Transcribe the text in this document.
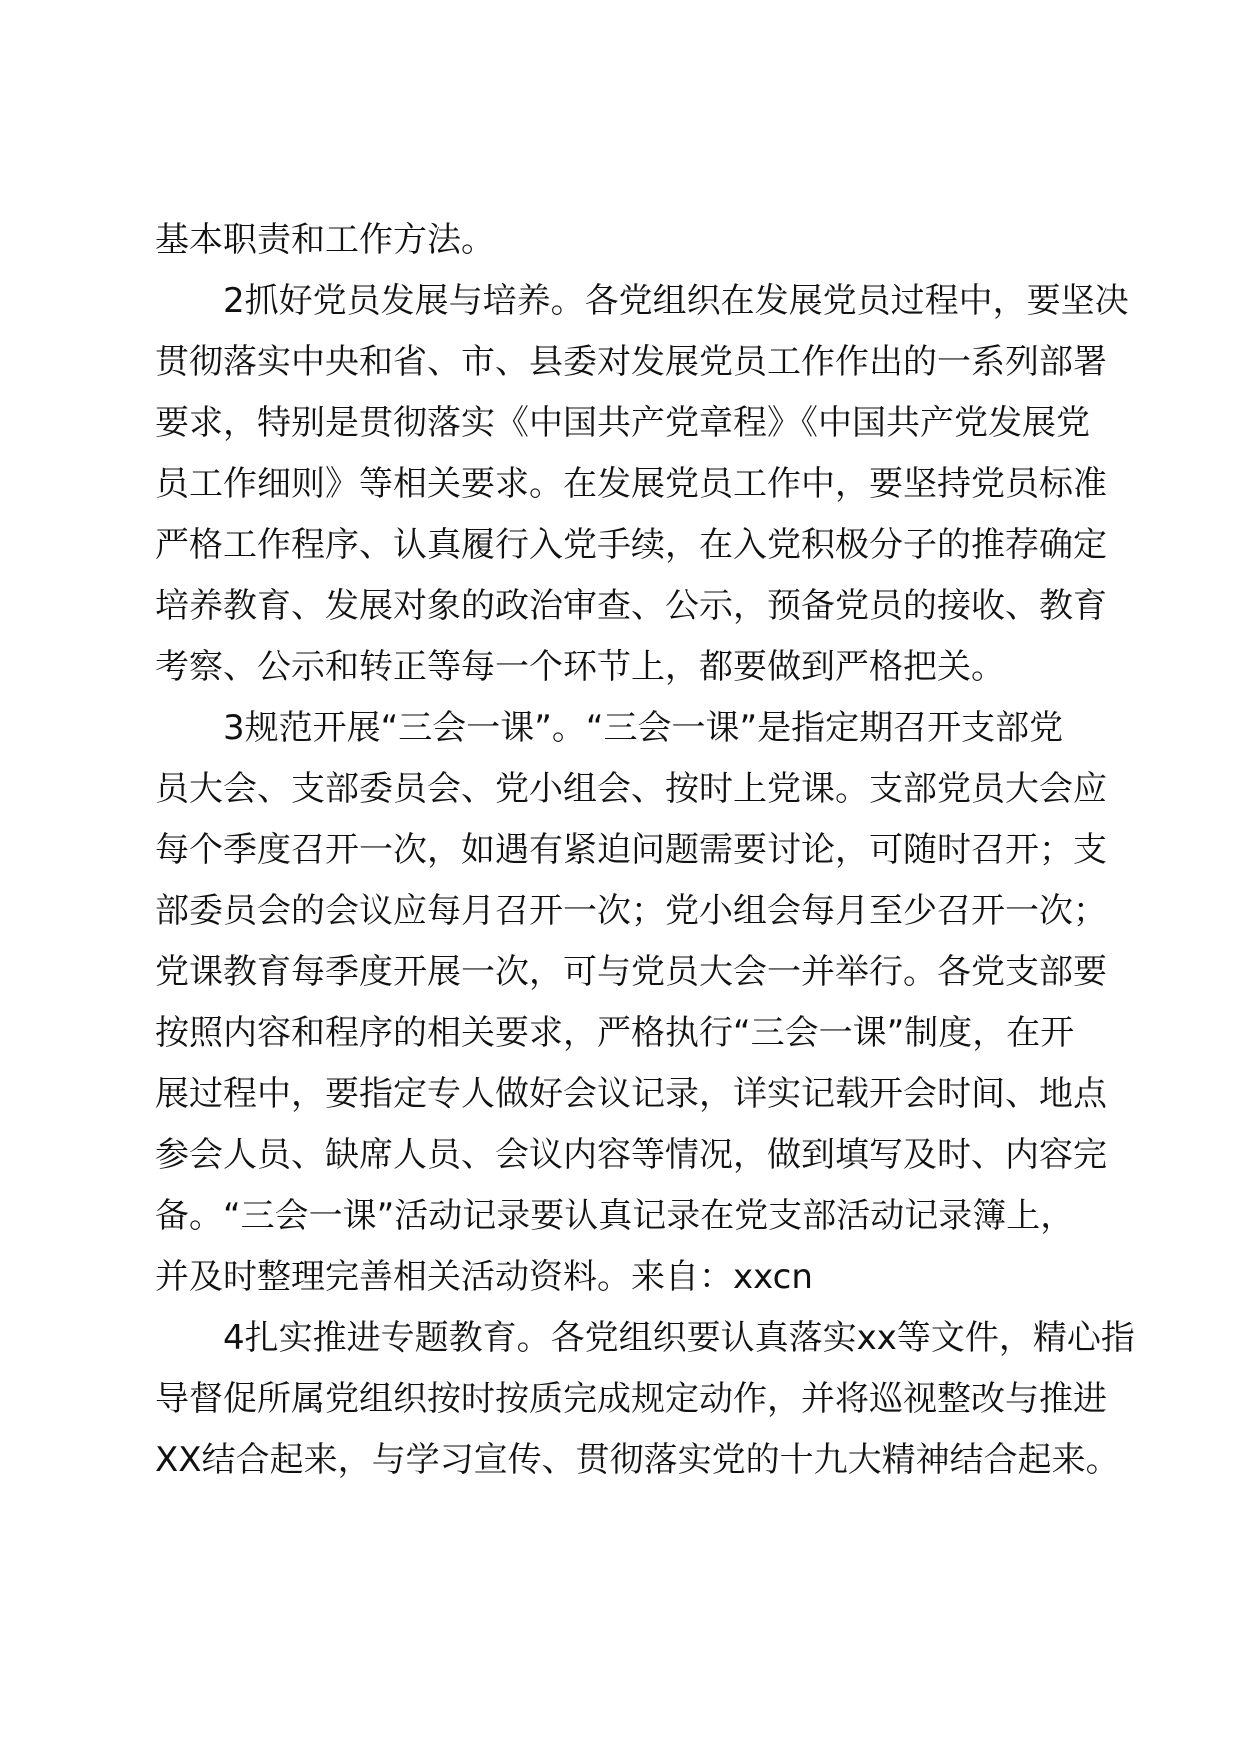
基本职责和工作方法。
2抓好党员发展与培养。各党组织在发展党员过程中，要坚决
贯彻落实中央和省、市、县委对发展党员工作作出的一系列部署
要求，特别是贯彻落实《中国共产党章程》《中国共产党发展党
员工作细则》等相关要求。在发展党员工作中，要坚持党员标准
严格工作程序、认真履行入党手续，在入党积极分子的推荐确定
培养教育、发展对象的政治审查、公示，预备党员的接收、教育
考察、公示和转正等每一个环节上，都要做到严格把关。
3规范开展“三会一课”。“三会一课”是指定期召开支部党
员大会、支部委员会、党小组会、按时上党课。支部党员大会应
每个季度召开一次，如遇有紧迫问题需要讨论，可随时召开；支
部委员会的会议应每月召开一次；党小组会每月至少召开一次；
党课教育每季度开展一次，可与党员大会一并举行。各党支部要
按照内容和程序的相关要求，严格执行“三会一课”制度，在开
展过程中，要指定专人做好会议记录，详实记载开会时间、地点
参会人员、缺席人员、会议内容等情况，做到填写及时、内容完
备。“三会一课”活动记录要认真记录在党支部活动记录簿上，
并及时整理完善相关活动资料。来自：xxcn
4扎实推进专题教育。各党组织要认真落实xx等文件，精心指
导督促所属党组织按时按质完成规定动作，并将巡视整改与推进
XX结合起来，与学习宣传、贯彻落实党的十九大精神结合起来。
